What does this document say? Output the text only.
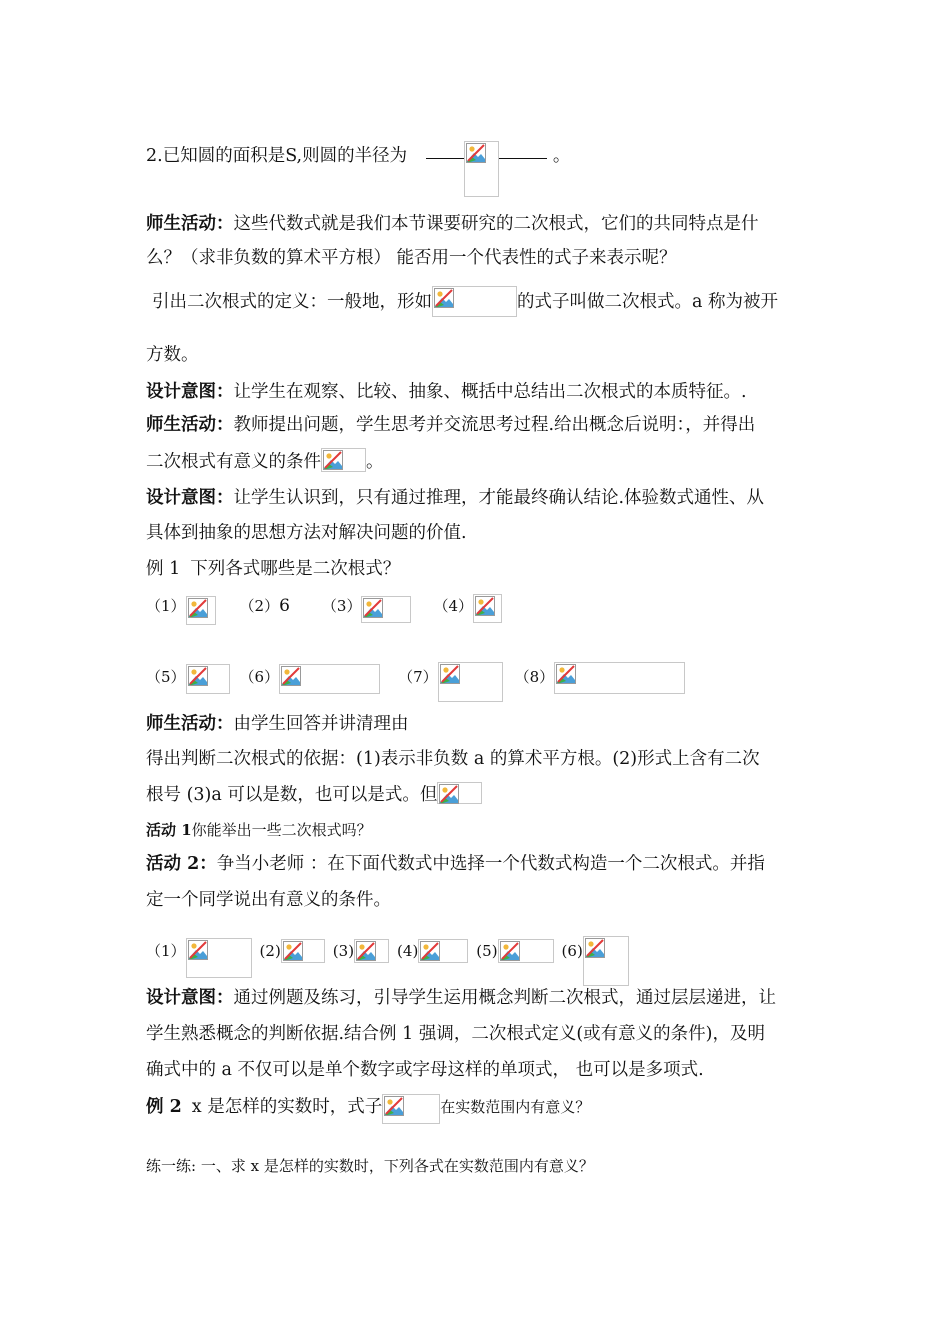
2.已知圆的面积是S,则圆的半径为	。
师生活动：这些代数式就是我们本节课要研究的二次根式，它们的共同特点是什
么？（求非负数的算术平方根） 能否用一个代表性的式子来表示呢？
引出二次根式的定义：一般地，形如	的式子叫做二次根式。a 称为被开
方数。
设计意图：让学生在观察、比较、抽象、概括中总结出二次根式的本质特征。.
师生活动：教师提出问题，学生思考并交流思考过程.给出概念后说明：，并得出
二次根式有意义的条件	。
设计意图：让学生认识到，只有通过推理，才能最终确认结论.体验数式通性、从
具体到抽象的思想方法对解决问题的价值.
例 1 下列各式哪些是二次根式？
（1）	（2）6 （3）	（4）
（5）	（6）	（7）	（8）
师生活动：由学生回答并讲清理由
得出判断二次根式的依据：(1)表示非负数 a 的算术平方根。(2)形式上含有二次
根号 (3)a 可以是数，也可以是式。但
活动 1你能举出一些二次根式吗？
活动 2：争当小老师 ：在下面代数式中选择一个代数式构造一个二次根式。并指
定一个同学说出有意义的条件。
（1）	(2)	(3)	(4)	(5)	(6)
设计意图：通过例题及练习，引导学生运用概念判断二次根式，通过层层递进，让
学生熟悉概念的判断依据.结合例 1 强调，二次根式定义(或有意义的条件)，及明
确式中的 a 不仅可以是单个数字或字母这样的单项式， 也可以是多项式.
例 2 x 是怎样的实数时，式子	在实数范围内有意义？
练一练: 一、求 x 是怎样的实数时，下列各式在实数范围内有意义？
